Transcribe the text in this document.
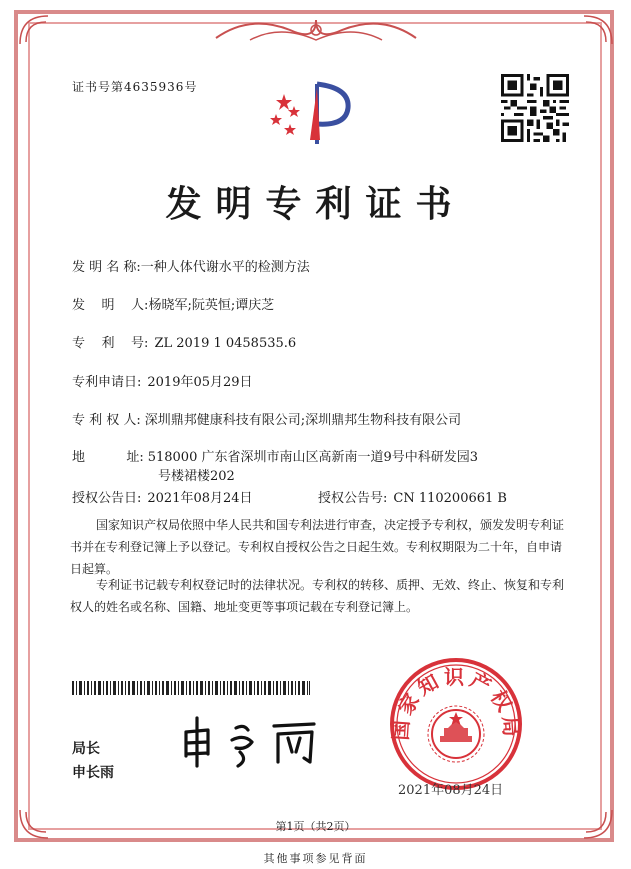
证书号第4635936号
发明专利证书
发 明 名 称:一种人体代谢水平的检测方法
发    明    人:杨晓军;阮英恒;谭庆芝
专    利    号: ZL 2019 1 0458535.6
专利申请日: 2019年05月29日
专 利 权 人: 深圳鼎邦健康科技有限公司;深圳鼎邦生物科技有限公司
地          址: 518000 广东省深圳市南山区高新南一道9号中科研发园3
号楼裙楼202
授权公告日: 2021年08月24日	授权公告号: CN 110200661 B
国家知识产权局依照中华人民共和国专利法进行审查，决定授予专利权，颁发发明专利证书并在专利登记簿上予以登记。专利权自授权公告之日起生效。专利权期限为二十年，自申请日起算。
专利证书记载专利权登记时的法律状况。专利权的转移、质押、无效、终止、恢复和专利权人的姓名或名称、国籍、地址变更等事项记载在专利登记簿上。
局长
申长雨
国家知识产权局
2021年08月24日
第1页（共2页）
其他事项参见背面
